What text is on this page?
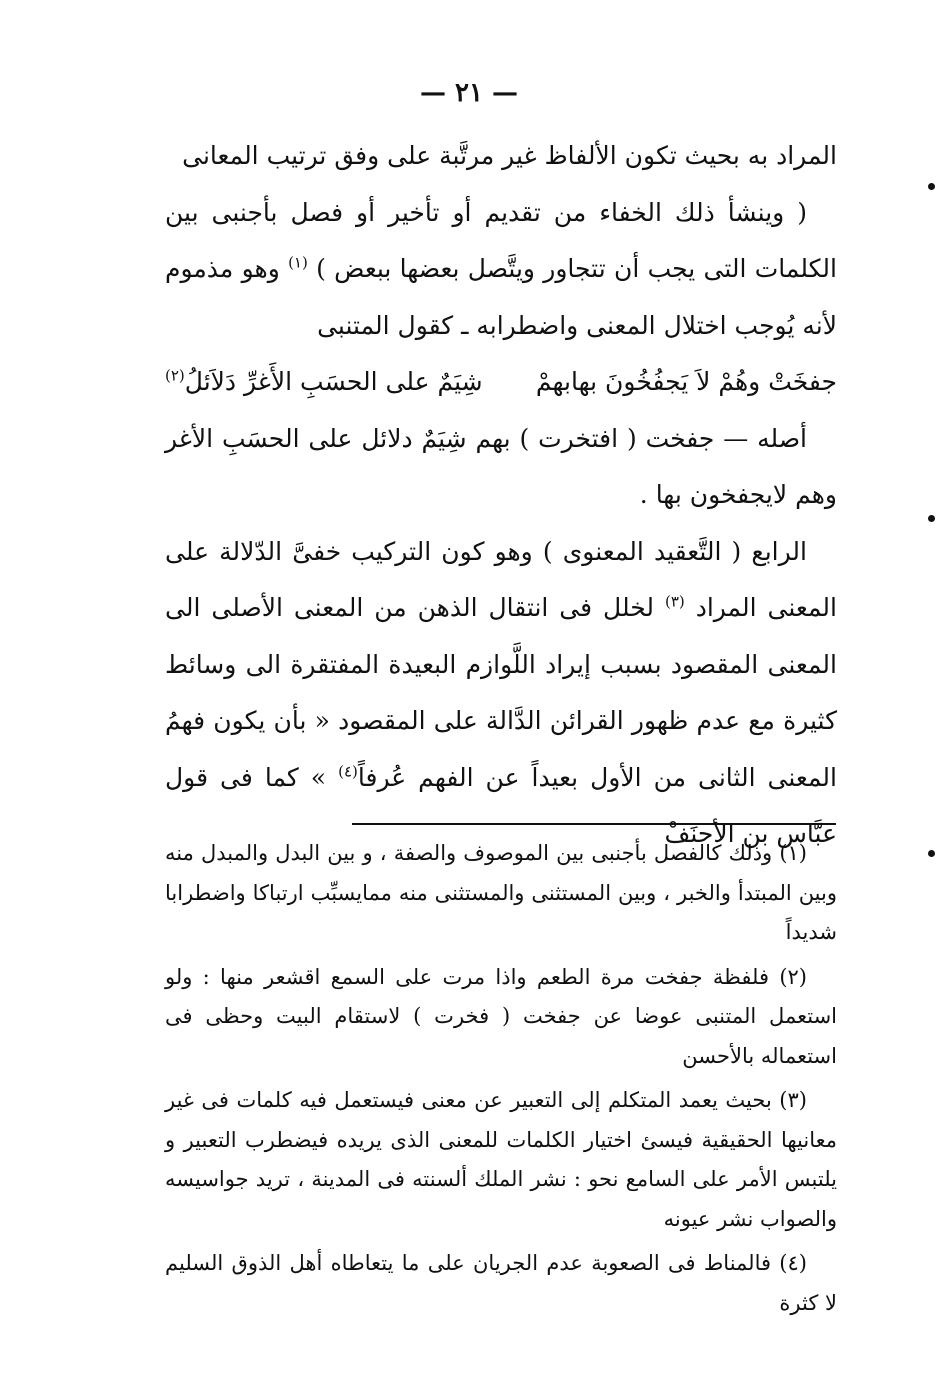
— ٢١ —

المراد به بحيث تكون الألفاظ غير مرتَّبة على وفق ترتيب المعانى

( وينشأ ذلك الخفاء من تقديم أو تأخير أو فصل بأجنبى بين الكلمات التى يجب أن تتجاور ويتَّصل بعضها ببعض ) $^{(١)}$ وهو مذموم لأنه يُوجب اختلال المعنى واضطرابه ـ كقول المتنبى

جفخَتْ وهُمْ لاَ يَجفُخُونَ بهابهمْ
شِيَمٌ على الحسَبِ الأَغرِّ دَلاَئلُ$^{(٢)}$

أصله — جفخت ( افتخرت ) بهم شِيَمٌ دلائل على الحسَبِ الأغر وهم لايجفخون بها .

الرابع ( التَّعقيد المعنوى ) وهو كون التركيب خفىَّ الدّلالة على المعنى المراد $^{(٣)}$ لخلل فى انتقال الذهن من المعنى الأصلى الى المعنى المقصود بسبب إيراد اللَّوازم البعيدة المفتقرة الى وسائط كثيرة مع عدم ظهور القرائن الدَّالة على المقصود « بأن يكون فهمُ المعنى الثانى من الأول بعيداً عن الفهم عُرفاً$^{(٤)}$ » كما فى قول عبَّاس بن الأحنَفْ

(١) وذلك كالفصل بأجنبى بين الموصوف والصفة ، و بين البدل والمبدل منه وبين المبتدأ والخبر ، وبين المستثنى والمستثنى منه ممايسبِّب ارتباكا واضطرابا شديداً

(٢) فلفظة جفخت مرة الطعم واذا مرت على السمع اقشعر منها : ولو استعمل المتنبى عوضا عن جفخت ( فخرت ) لاستقام البيت وحظى فى استعماله بالأحسن

(٣) بحيث يعمد المتكلم إلى التعبير عن معنى فيستعمل فيه كلمات فى غير معانيها الحقيقية فيسئ اختيار الكلمات للمعنى الذى يريده فيضطرب التعبير و يلتبس الأمر على السامع نحو : نشر الملك ألسنته فى المدينة ، تريد جواسيسه والصواب نشر عيونه

(٤) فالمناط فى الصعوبة عدم الجريان على ما يتعاطاه أهل الذوق السليم لا كثرة
